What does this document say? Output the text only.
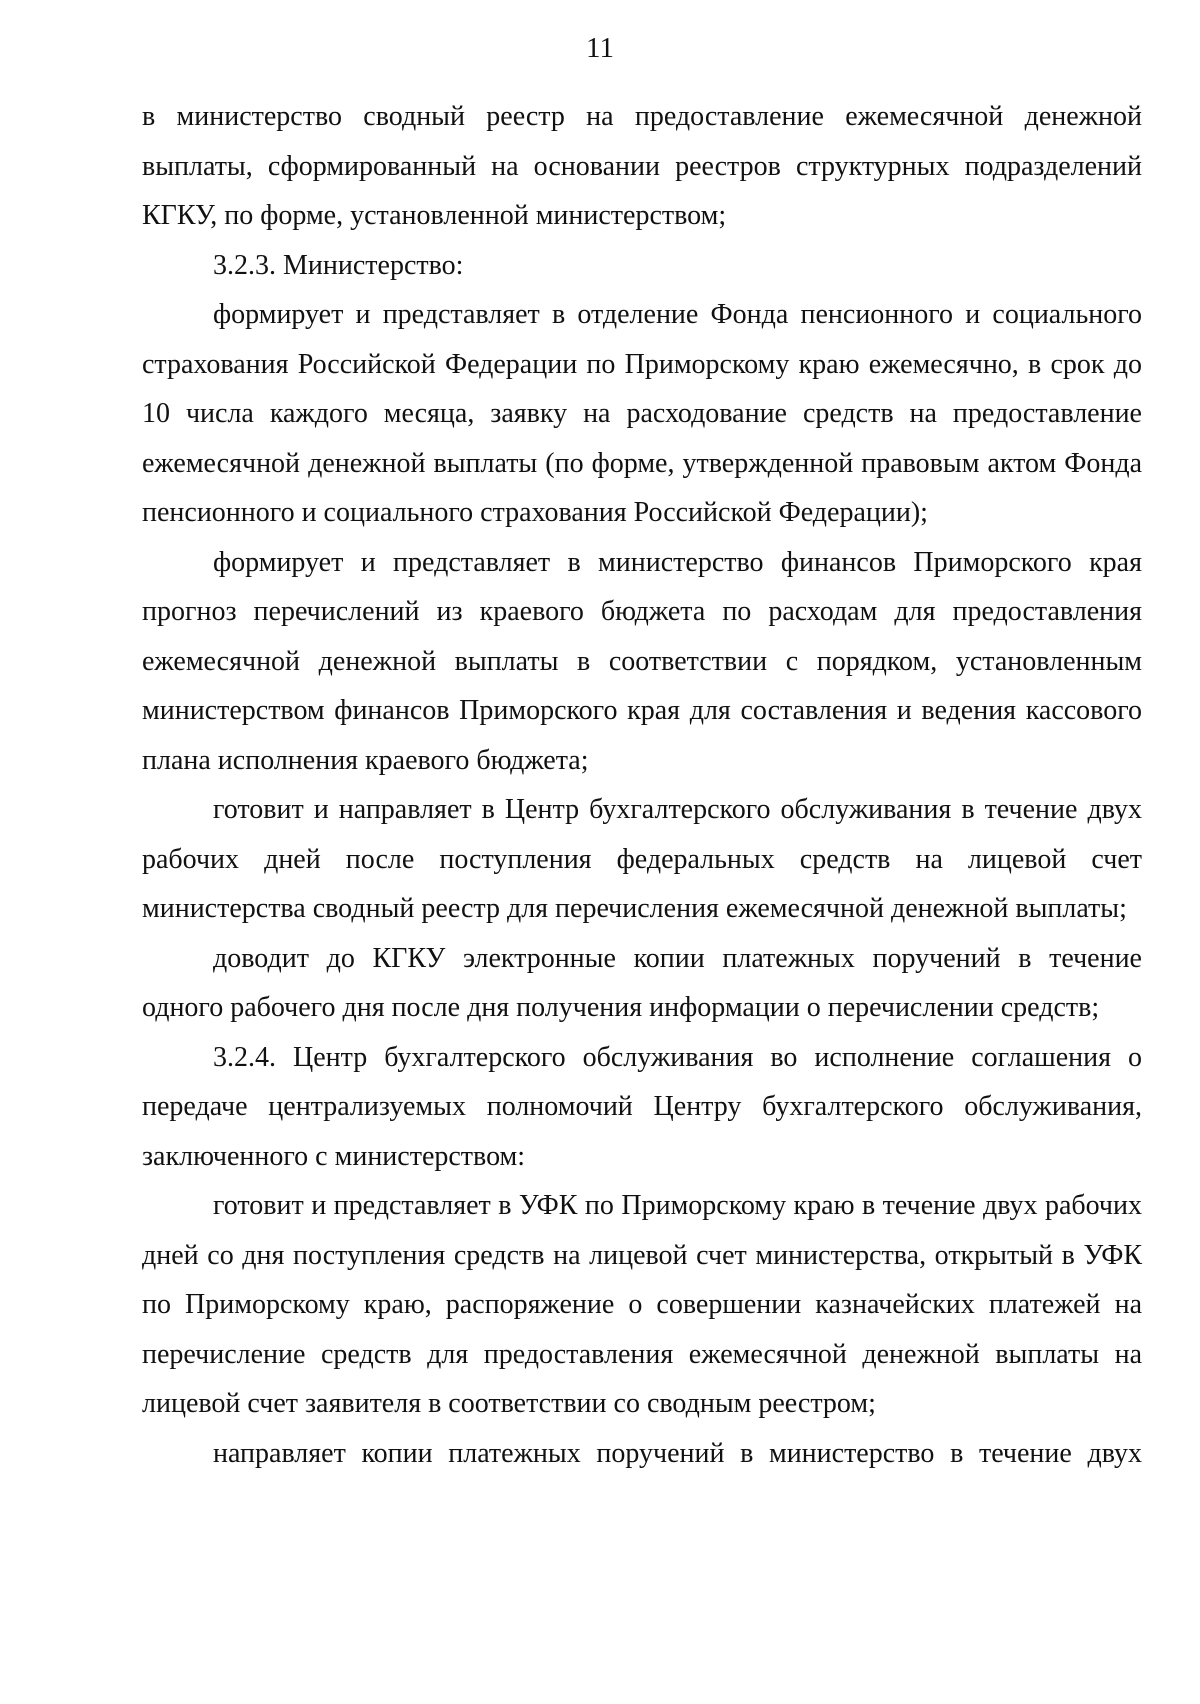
11

в министерство сводный реестр на предоставление ежемесячной денежной выплаты, сформированный на основании реестров структурных подразделений КГКУ, по форме, установленной министерством;

3.2.3. Министерство:

формирует и представляет в отделение Фонда пенсионного и социального страхования Российской Федерации по Приморскому краю ежемесячно, в срок до 10 числа каждого месяца, заявку на расходование средств на предоставление ежемесячной денежной выплаты (по форме, утвержденной правовым актом Фонда пенсионного и социального страхования Российской Федерации);

формирует и представляет в министерство финансов Приморского края прогноз перечислений из краевого бюджета по расходам для предоставления ежемесячной денежной выплаты в соответствии с порядком, установленным министерством финансов Приморского края для составления и ведения кассового плана исполнения краевого бюджета;

готовит и направляет в Центр бухгалтерского обслуживания в течение двух рабочих дней после поступления федеральных средств на лицевой счет министерства сводный реестр для перечисления ежемесячной денежной выплаты;

доводит до КГКУ электронные копии платежных поручений в течение одного рабочего дня после дня получения информации о перечислении средств;

3.2.4. Центр бухгалтерского обслуживания во исполнение соглашения о передаче централизуемых полномочий Центру бухгалтерского обслуживания, заключенного с министерством:

готовит и представляет в УФК по Приморскому краю в течение двух рабочих дней со дня поступления средств на лицевой счет министерства, открытый в УФК по Приморскому краю, распоряжение о совершении казначейских платежей на перечисление средств для предоставления ежемесячной денежной выплаты на лицевой счет заявителя в соответствии со сводным реестром;

направляет копии платежных поручений в министерство в течение двух
